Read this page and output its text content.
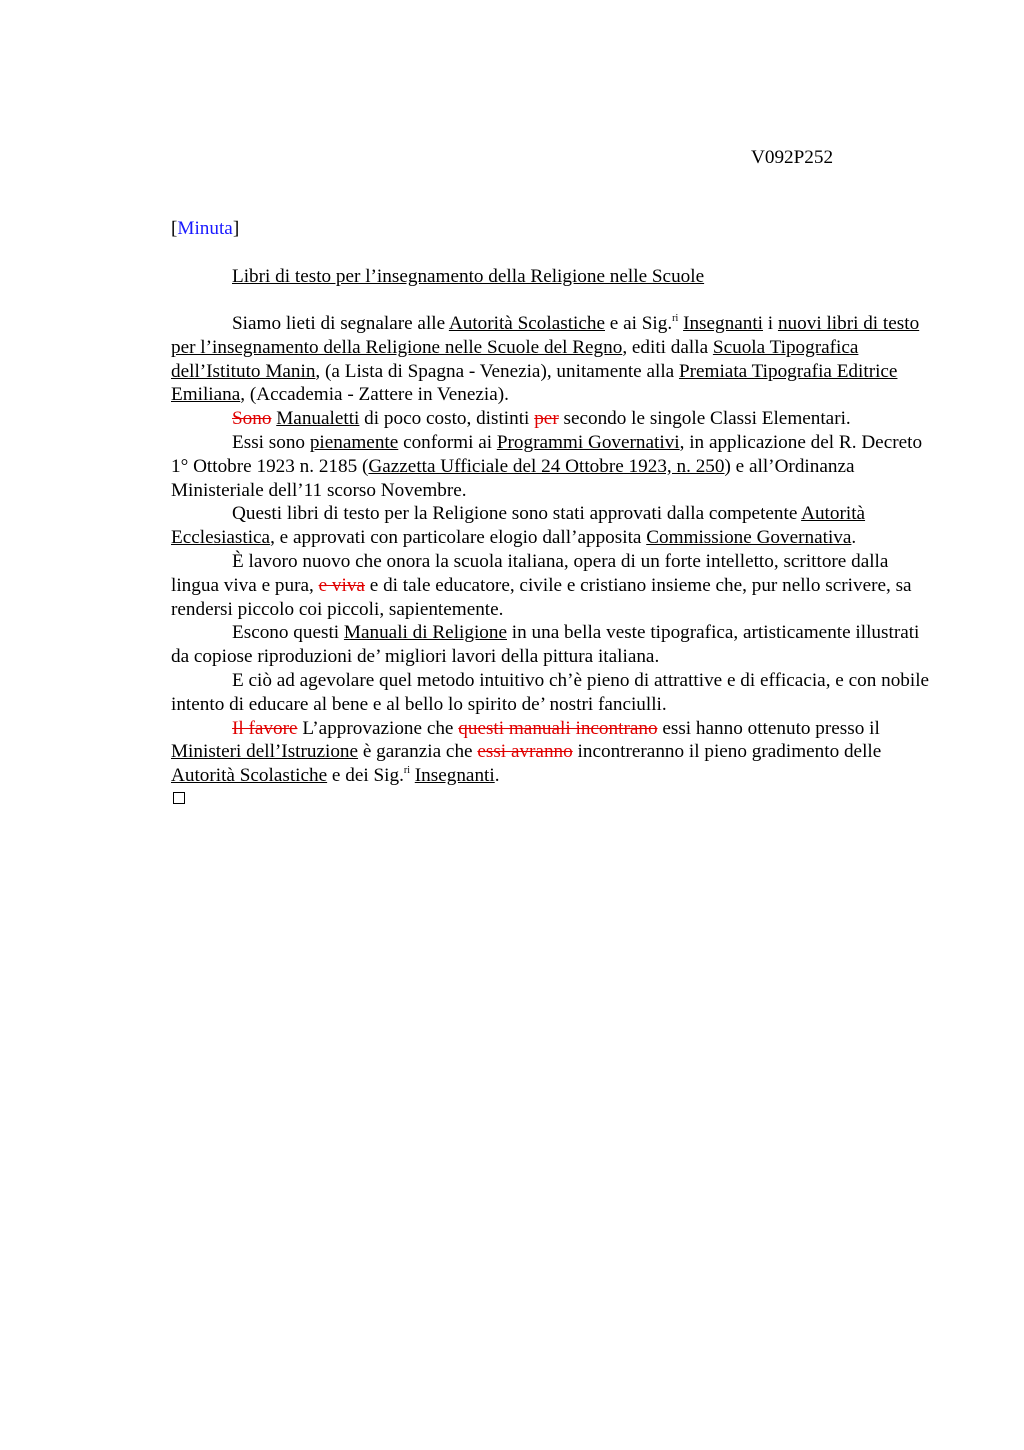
V092P252
[Minuta]
Libri di testo per l’insegnamento della Religione nelle Scuole

Siamo lieti di segnalare alle Autorità Scolastiche e ai Sig.$^{ri}$ Insegnanti i nuovi libri di testo per l’insegnamento della Religione nelle Scuole del Regno, editi dalla Scuola Tipografica dell’Istituto Manin, (a Lista di Spagna - Venezia), unitamente alla Premiata Tipografia Editrice Emiliana, (Accademia - Zattere in Venezia).

Sono Manualetti di poco costo, distinti per secondo le singole Classi Elementari.

Essi sono pienamente conformi ai Programmi Governativi, in applicazione del R. Decreto 1° Ottobre 1923 n. 2185 (Gazzetta Ufficiale del 24 Ottobre 1923, n. 250) e all’Ordinanza Ministeriale dell’11 scorso Novembre.

Questi libri di testo per la Religione sono stati approvati dalla competente Autorità Ecclesiastica, e approvati con particolare elogio dall’apposita Commissione Governativa.

È lavoro nuovo che onora la scuola italiana, opera di un forte intelletto, scrittore dalla lingua viva e pura, e viva e di tale educatore, civile e cristiano insieme che, pur nello scrivere, sa rendersi piccolo coi piccoli, sapientemente.

Escono questi Manuali di Religione in una bella veste tipografica, artisticamente illustrati da copiose riproduzioni de’ migliori lavori della pittura italiana.

E ciò ad agevolare quel metodo intuitivo ch’è pieno di attrattive e di efficacia, e con nobile intento di educare al bene e al bello lo spirito de’ nostri fanciulli.

Il favore L’approvazione che questi manuali incontrano essi hanno ottenuto presso il Ministeri dell’Istruzione è garanzia che essi avranno incontreranno il pieno gradimento delle Autorità Scolastiche e dei Sig.$^{ri}$ Insegnanti.
